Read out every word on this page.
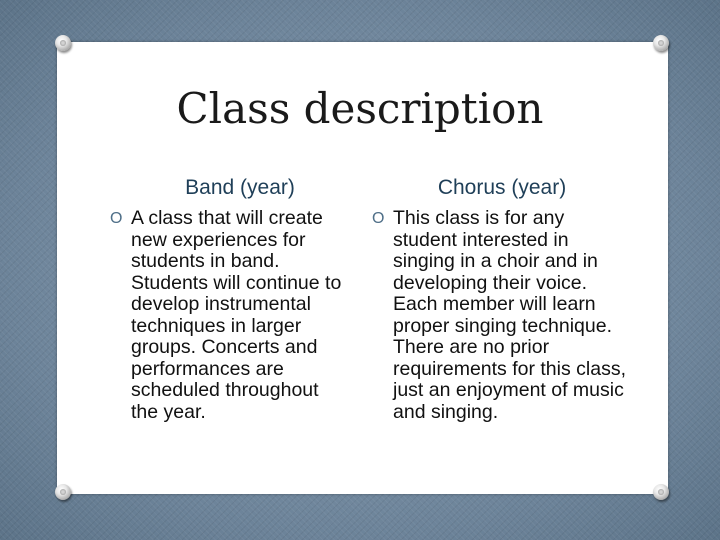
Class description
Band (year)	Chorus (year)
O A class that will create new experiences for students in band. Students will continue to develop instrumental techniques in larger groups. Concerts and performances are scheduled throughout the year.
O This class is for any student interested in singing in a choir and in developing their voice. Each member will learn proper singing technique. There are no prior requirements for this class, just an enjoyment of music and singing.
